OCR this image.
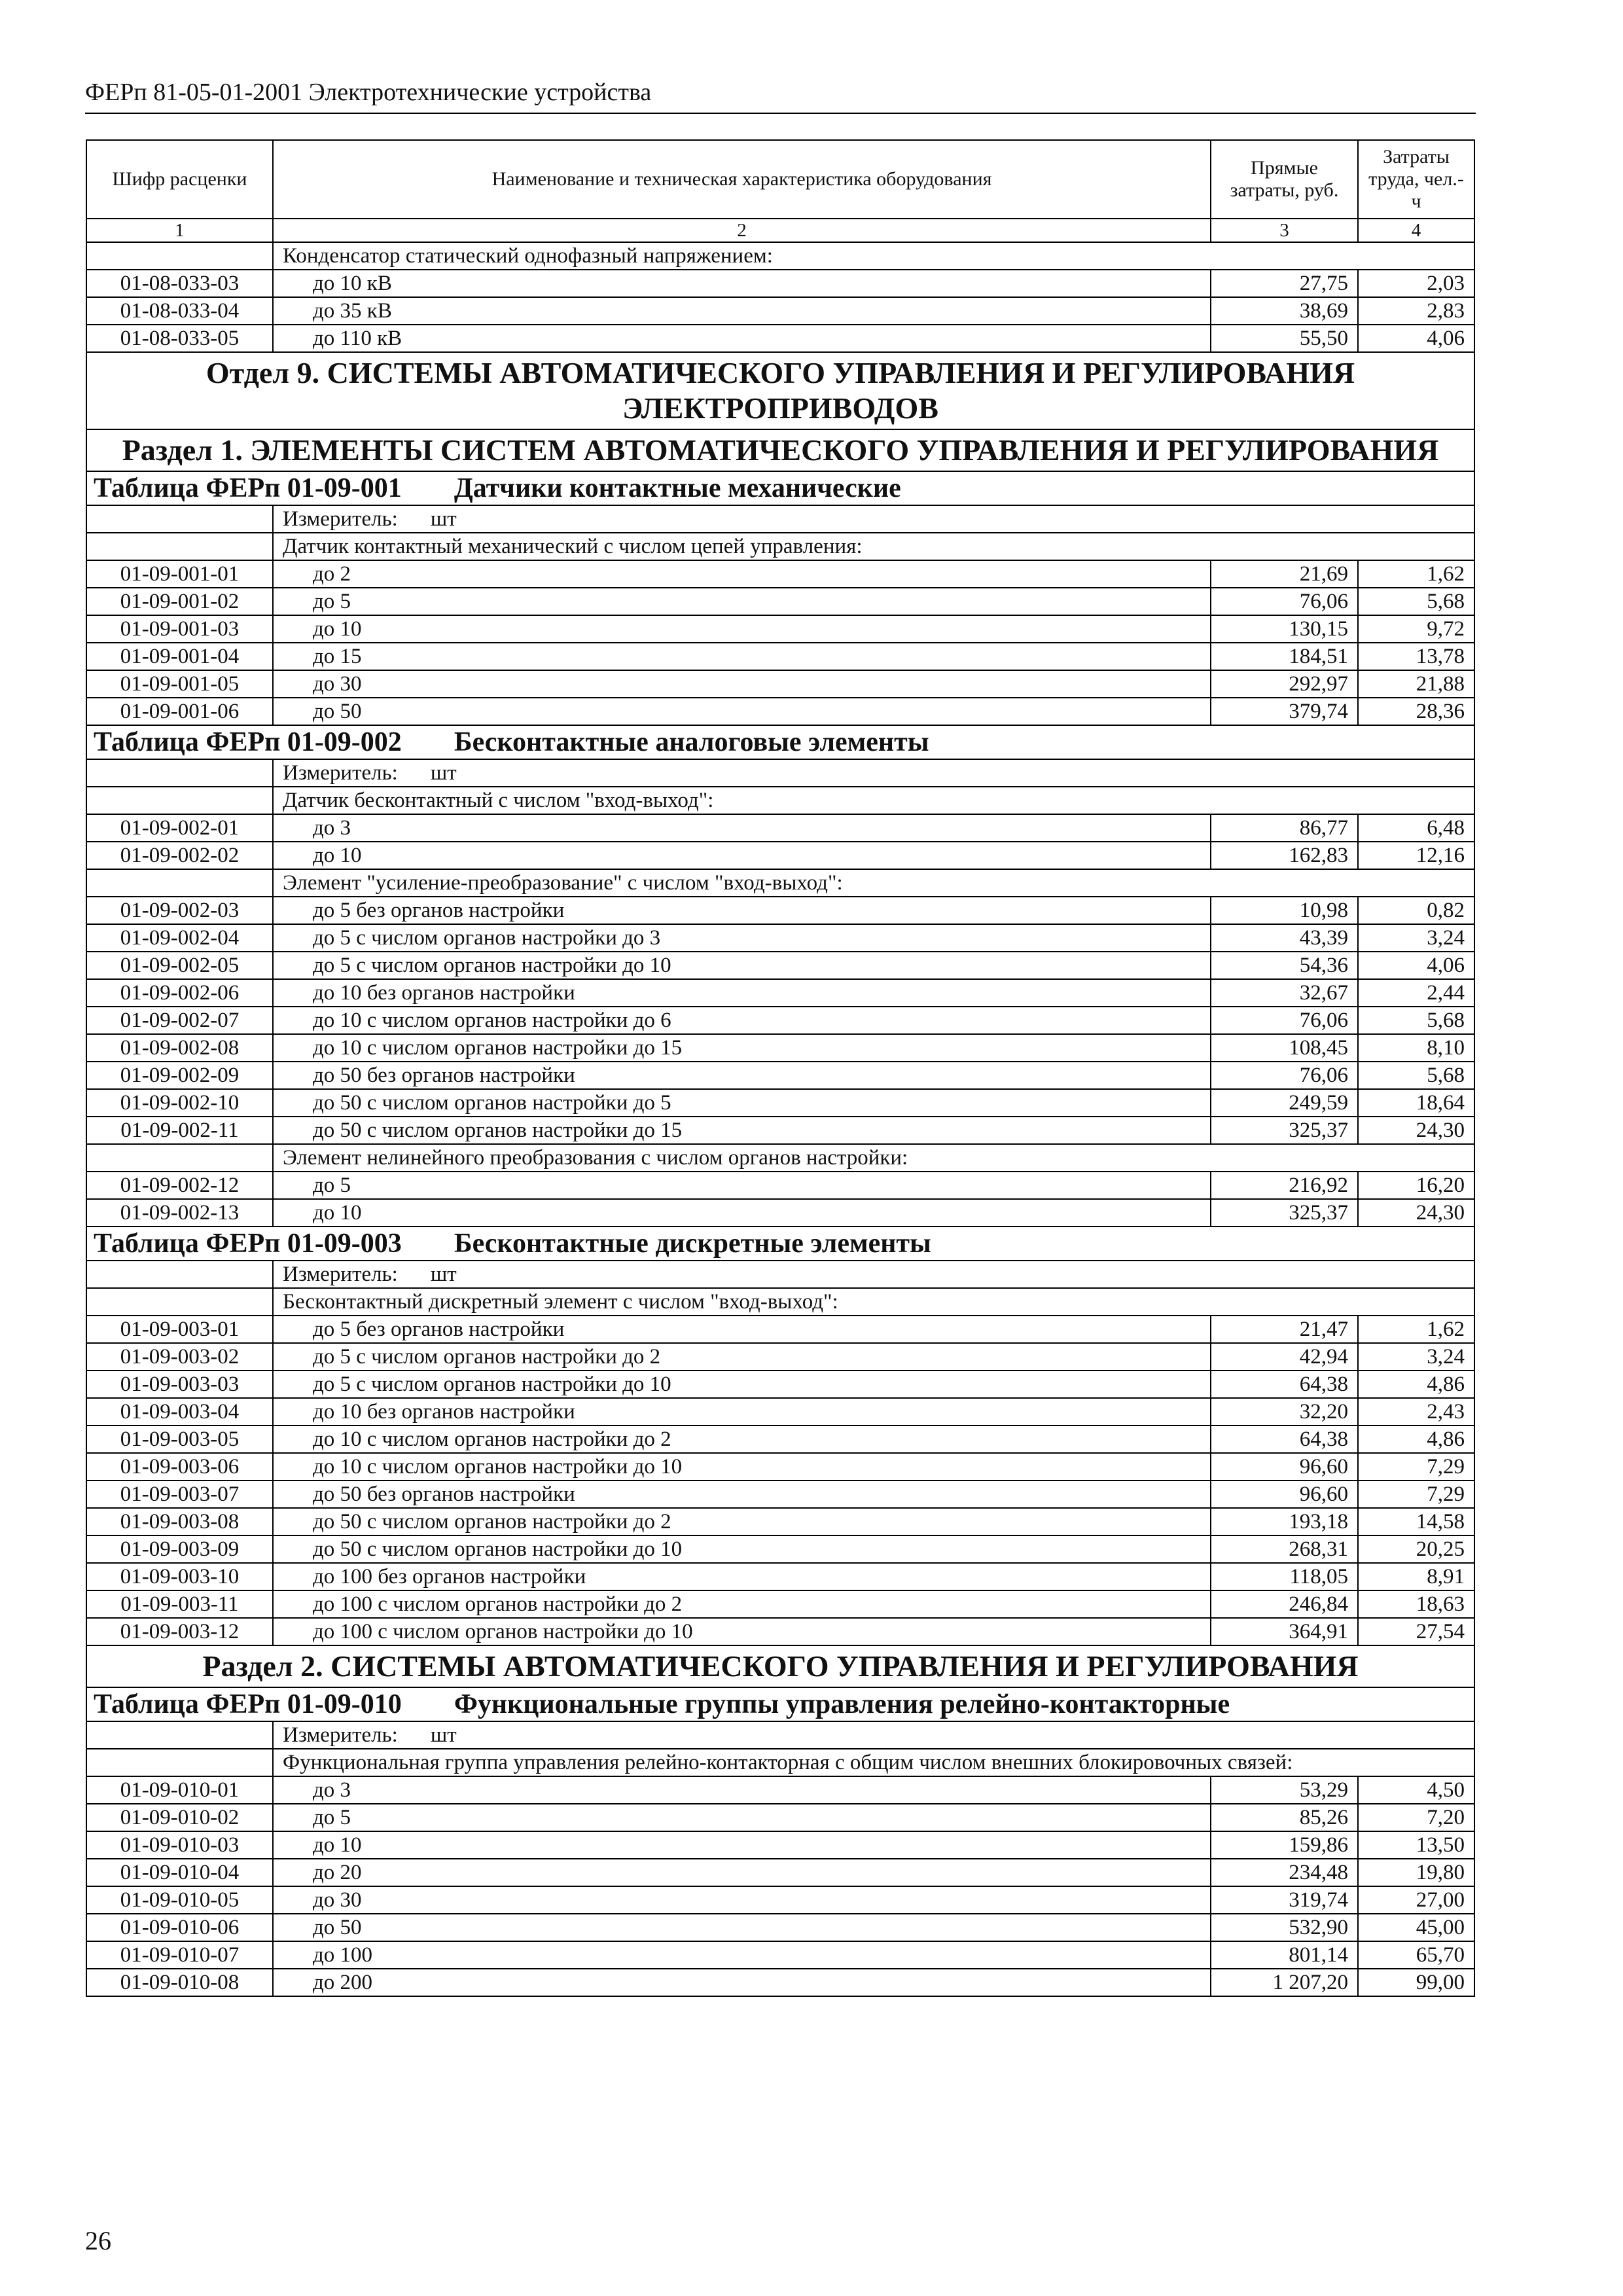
ФЕРп 81-05-01-2001 Электротехнические устройства
Шифр расценки	Наименование и техническая характеристика оборудования	Прямые затраты, руб.	Затраты труда, чел.-ч
1	2	3	4
	Конденсатор статический однофазный напряжением:		
01-08-033-03	до 10 кВ	27,75	2,03
01-08-033-04	до 35 кВ	38,69	2,83
01-08-033-05	до 110 кВ	55,50	4,06
Отдел 9. СИСТЕМЫ АВТОМАТИЧЕСКОГО УПРАВЛЕНИЯ И РЕГУЛИРОВАНИЯ ЭЛЕКТРОПРИВОДОВ			
Раздел 1. ЭЛЕМЕНТЫ СИСТЕМ АВТОМАТИЧЕСКОГО УПРАВЛЕНИЯ И РЕГУЛИРОВАНИЯ			
Таблица ФЕРп 01-09-001 Датчики контактные механические			
	Измеритель: шт		
	Датчик контактный механический с числом цепей управления:		
01-09-001-01	до 2	21,69	1,62
01-09-001-02	до 5	76,06	5,68
01-09-001-03	до 10	130,15	9,72
01-09-001-04	до 15	184,51	13,78
01-09-001-05	до 30	292,97	21,88
01-09-001-06	до 50	379,74	28,36
Таблица ФЕРп 01-09-002 Бесконтактные аналоговые элементы			
	Измеритель: шт		
	Датчик бесконтактный с числом "вход-выход":		
01-09-002-01	до 3	86,77	6,48
01-09-002-02	до 10	162,83	12,16
	Элемент "усиление-преобразование" с числом "вход-выход":		
01-09-002-03	до 5 без органов настройки	10,98	0,82
01-09-002-04	до 5 с числом органов настройки до 3	43,39	3,24
01-09-002-05	до 5 с числом органов настройки до 10	54,36	4,06
01-09-002-06	до 10 без органов настройки	32,67	2,44
01-09-002-07	до 10 с числом органов настройки до 6	76,06	5,68
01-09-002-08	до 10 с числом органов настройки до 15	108,45	8,10
01-09-002-09	до 50 без органов настройки	76,06	5,68
01-09-002-10	до 50 с числом органов настройки до 5	249,59	18,64
01-09-002-11	до 50 с числом органов настройки до 15	325,37	24,30
	Элемент нелинейного преобразования с числом органов настройки:		
01-09-002-12	до 5	216,92	16,20
01-09-002-13	до 10	325,37	24,30
Таблица ФЕРп 01-09-003 Бесконтактные дискретные элементы			
	Измеритель: шт		
	Бесконтактный дискретный элемент с числом "вход-выход":		
01-09-003-01	до 5 без органов настройки	21,47	1,62
01-09-003-02	до 5 с числом органов настройки до 2	42,94	3,24
01-09-003-03	до 5 с числом органов настройки до 10	64,38	4,86
01-09-003-04	до 10 без органов настройки	32,20	2,43
01-09-003-05	до 10 с числом органов настройки до 2	64,38	4,86
01-09-003-06	до 10 с числом органов настройки до 10	96,60	7,29
01-09-003-07	до 50 без органов настройки	96,60	7,29
01-09-003-08	до 50 с числом органов настройки до 2	193,18	14,58
01-09-003-09	до 50 с числом органов настройки до 10	268,31	20,25
01-09-003-10	до 100 без органов настройки	118,05	8,91
01-09-003-11	до 100 с числом органов настройки до 2	246,84	18,63
01-09-003-12	до 100 с числом органов настройки до 10	364,91	27,54
Раздел 2. СИСТЕМЫ АВТОМАТИЧЕСКОГО УПРАВЛЕНИЯ И РЕГУЛИРОВАНИЯ			
Таблица ФЕРп 01-09-010 Функциональные группы управления релейно-контакторные			
	Измеритель: шт		
	Функциональная группа управления релейно-контакторная с общим числом внешних блокировочных связей:		
01-09-010-01	до 3	53,29	4,50
01-09-010-02	до 5	85,26	7,20
01-09-010-03	до 10	159,86	13,50
01-09-010-04	до 20	234,48	19,80
01-09-010-05	до 30	319,74	27,00
01-09-010-06	до 50	532,90	45,00
01-09-010-07	до 100	801,14	65,70
01-09-010-08	до 200	1 207,20	99,00
26
